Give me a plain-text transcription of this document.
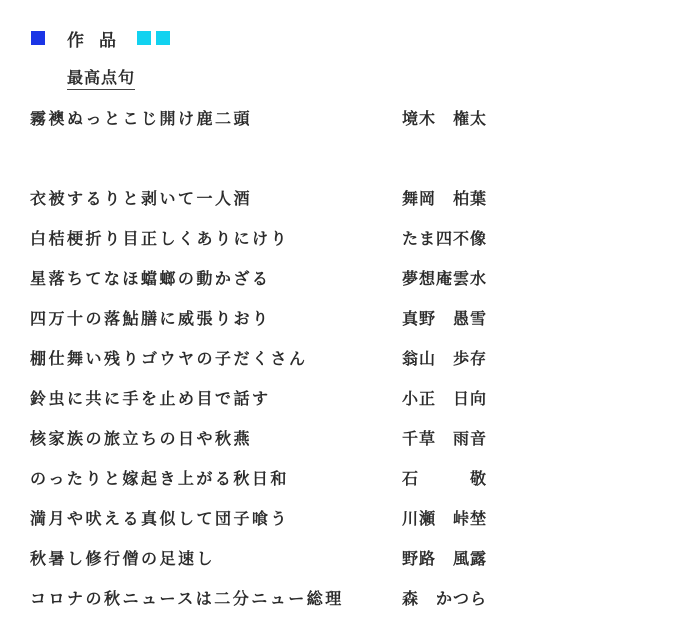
作品
最高点句
霧襖ぬっとこじ開け鹿二頭	境木　権太
衣被するりと剥いて一人酒	舞岡　柏葉
白桔梗折り目正しくありにけり	たま四不像
星落ちてなほ蟷螂の動かざる	夢想庵雲水
四万十の落鮎膳に威張りおり	真野　愚雪
棚仕舞い残りゴウヤの子だくさん	翁山　歩存
鈴虫に共に手を止め目で話す	小正　日向
核家族の旅立ちの日や秋燕	千草　雨音
のったりと嫁起き上がる秋日和	石　　　敬
満月や吠える真似して団子喰う	川瀬　峠埜
秋暑し修行僧の足速し	野路　風露
コロナの秋ニュースは二分ニュー総理	森　かつら
